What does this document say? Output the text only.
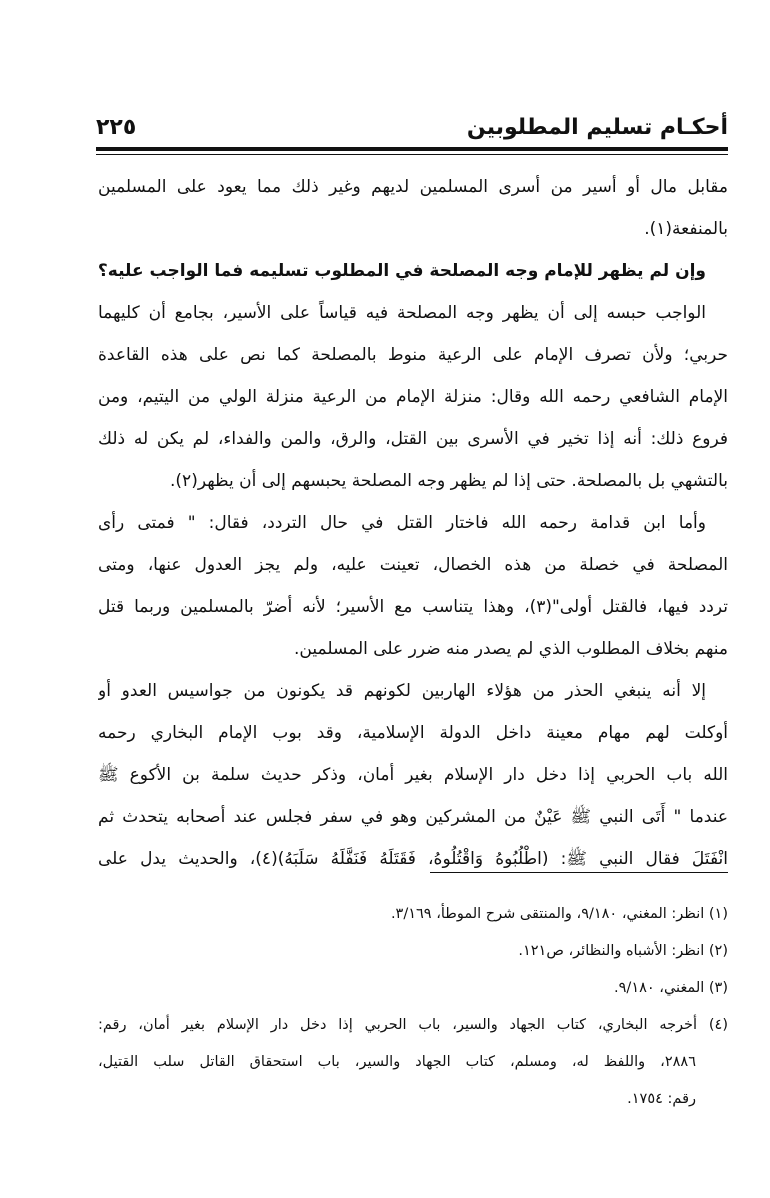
أحكـام تسليم المطلوبين
٢٢٥
مقابل مال أو أسير من أسرى المسلمين لديهم وغير ذلك مما يعود على المسلمين
بالمنفعة(١).
وإن لم يظهر للإمام وجه المصلحة في المطلوب تسليمه فما الواجب عليه؟
الواجب حبسه إلى أن يظهر وجه المصلحة فيه قياساً على الأسير، بجامع أن كليهما
حربي؛ ولأن تصرف الإمام على الرعية منوط بالمصلحة كما نص على هذه القاعدة
الإمام الشافعي رحمه الله وقال: منزلة الإمام من الرعية منزلة الولي من اليتيم، ومن
فروع ذلك: أنه إذا تخير في الأسرى بين القتل، والرق، والمن والفداء، لم يكن له ذلك
بالتشهي بل بالمصلحة. حتى إذا لم يظهر وجه المصلحة يحبسهم إلى أن يظهر(٢).
وأما ابن قدامة رحمه الله فاختار القتل في حال التردد، فقال: " فمتى رأى
المصلحة في خصلة من هذه الخصال، تعينت عليه، ولم يجز العدول عنها، ومتى
تردد فيها، فالقتل أولى"(٣)، وهذا يتناسب مع الأسير؛ لأنه أضرّ بالمسلمين وربما قتل
منهم بخلاف المطلوب الذي لم يصدر منه ضرر على المسلمين.
إلا أنه ينبغي الحذر من هؤلاء الهاربين لكونهم قد يكونون من جواسيس العدو أو
أوكلت لهم مهام معينة داخل الدولة الإسلامية، وقد بوب الإمام البخاري رحمه
الله باب الحربي إذا دخل دار الإسلام بغير أمان، وذكر حديث سلمة بن الأكوع ﷺ
عندما " أَتَى النبي ﷺ عَيْنٌ من المشركين وهو في سفر فجلس عند أصحابه يتحدث ثم
انْفَتَلَ فقال النبي ﷺ: (اطْلُبُوهُ وَاقْتُلُوهُ، فَقَتَلَهُ فَنَفَّلَهُ سَلَبَهُ)(٤)، والحديث يدل على
(١) انظر: المغني، ٩/١٨٠، والمنتقى شرح الموطأ، ٣/١٦٩.
(٢) انظر: الأشباه والنظائر، ص١٢١.
(٣) المغني، ٩/١٨٠.
(٤) أخرجه البخاري، كتاب الجهاد والسير، باب الحربي إذا دخل دار الإسلام بغير أمان، رقم:
٢٨٨٦، واللفظ له، ومسلم، كتاب الجهاد والسير، باب استحقاق القاتل سلب القتيل،
رقم: ١٧٥٤.
